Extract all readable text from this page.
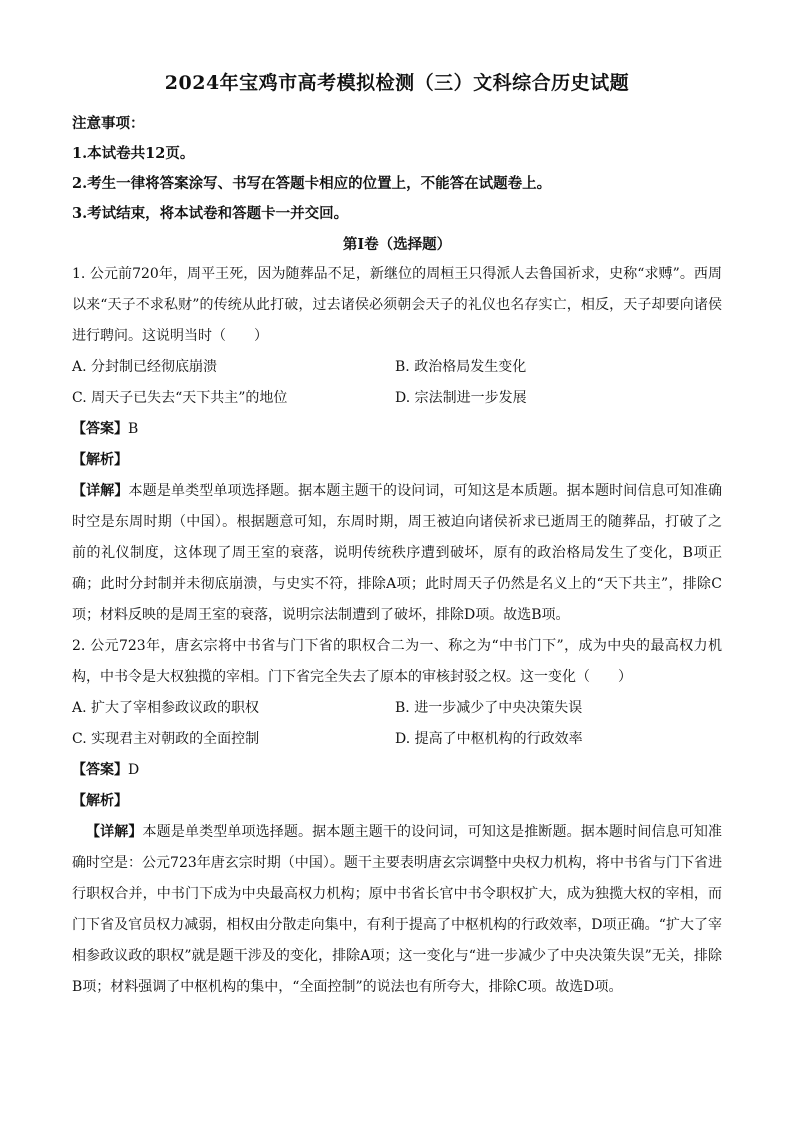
2024年宝鸡市高考模拟检测（三）文科综合历史试题
注意事项：
1.本试卷共12页。
2.考生一律将答案涂写、书写在答题卡相应的位置上，不能答在试题卷上。
3.考试结束，将本试卷和答题卡一并交回。
第Ⅰ卷（选择题）
1. 公元前720年，周平王死，因为随葬品不足，新继位的周桓王只得派人去鲁国祈求，史称“求赙”。西周以来“天子不求私财”的传统从此打破，过去诸侯必须朝会天子的礼仪也名存实亡，相反，天子却要向诸侯进行聘问。这说明当时（　　）
A. 分封制已经彻底崩溃	B. 政治格局发生变化
C. 周天子已失去“天下共主”的地位	D. 宗法制进一步发展
【答案】B
【解析】
【详解】本题是单类型单项选择题。据本题主题干的设问词，可知这是本质题。据本题时间信息可知准确时空是东周时期（中国）。根据题意可知，东周时期，周王被迫向诸侯祈求已逝周王的随葬品，打破了之前的礼仪制度，这体现了周王室的衰落，说明传统秩序遭到破坏，原有的政治格局发生了变化，B项正确；此时分封制并未彻底崩溃，与史实不符，排除A项；此时周天子仍然是名义上的“天下共主”，排除C项；材料反映的是周王室的衰落，说明宗法制遭到了破坏，排除D项。故选B项。
2. 公元723年，唐玄宗将中书省与门下省的职权合二为一、称之为“中书门下”，成为中央的最高权力机构，中书令是大权独揽的宰相。门下省完全失去了原本的审核封驳之权。这一变化（　　）
A. 扩大了宰相参政议政的职权	B. 进一步减少了中央决策失误
C. 实现君主对朝政的全面控制	D. 提高了中枢机构的行政效率
【答案】D
【解析】
【详解】本题是单类型单项选择题。据本题主题干的设问词，可知这是推断题。据本题时间信息可知准确时空是：公元723年唐玄宗时期（中国）。题干主要表明唐玄宗调整中央权力机构，将中书省与门下省进行职权合并，中书门下成为中央最高权力机构；原中书省长官中书令职权扩大，成为独揽大权的宰相，而门下省及官员权力减弱，相权由分散走向集中，有利于提高了中枢机构的行政效率，D项正确。“扩大了宰相参政议政的职权”就是题干涉及的变化，排除A项；这一变化与“进一步减少了中央决策失误”无关，排除B项；材料强调了中枢机构的集中，“全面控制”的说法也有所夸大，排除C项。故选D项。
